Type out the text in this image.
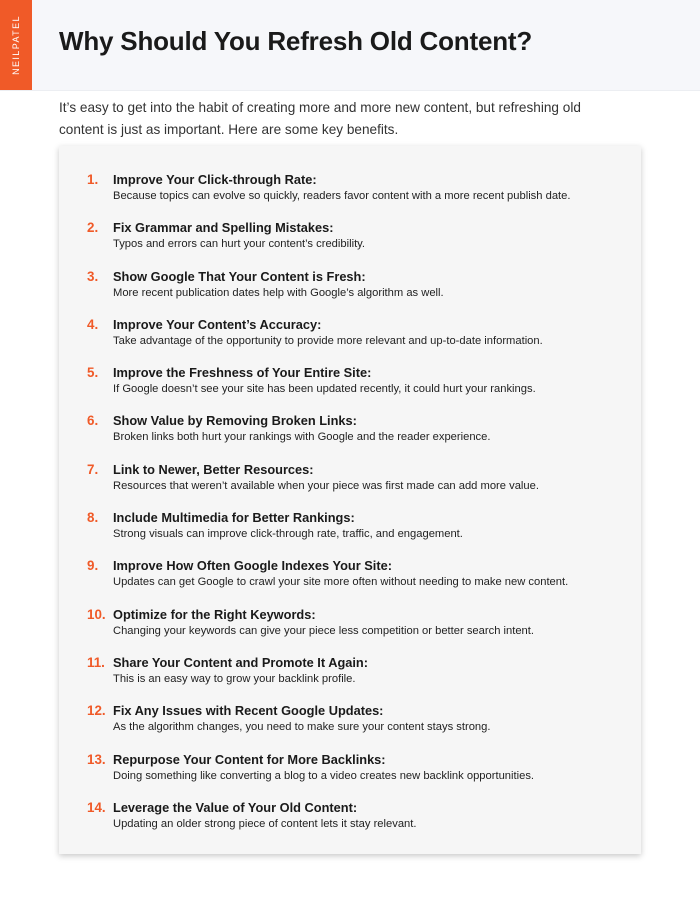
NEILPATEL Why Should You Refresh Old Content?

It’s easy to get into the habit of creating more and more new content, but refreshing old content is just as important. Here are some key benefits.

1.	Improve Your Click-through Rate:
Because topics can evolve so quickly, readers favor content with a more recent publish date.
2.	Fix Grammar and Spelling Mistakes:
Typos and errors can hurt your content’s credibility.
3.	Show Google That Your Content is Fresh:
More recent publication dates help with Google’s algorithm as well.
4.	Improve Your Content’s Accuracy:
Take advantage of the opportunity to provide more relevant and up-to-date information.
5.	Improve the Freshness of Your Entire Site:
If Google doesn’t see your site has been updated recently, it could hurt your rankings.
6.	Show Value by Removing Broken Links:
Broken links both hurt your rankings with Google and the reader experience.
7.	Link to Newer, Better Resources:
Resources that weren’t available when your piece was first made can add more value.
8.	Include Multimedia for Better Rankings:
Strong visuals can improve click-through rate, traffic, and engagement.
9.	Improve How Often Google Indexes Your Site:
Updates can get Google to crawl your site more often without needing to make new content.
10. Optimize for the Right Keywords:
Changing your keywords can give your piece less competition or better search intent.
11. Share Your Content and Promote It Again:
This is an easy way to grow your backlink profile.
12. Fix Any Issues with Recent Google Updates:
As the algorithm changes, you need to make sure your content stays strong.
13. Repurpose Your Content for More Backlinks:
Doing something like converting a blog to a video creates new backlink opportunities.
14. Leverage the Value of Your Old Content:
Updating an older strong piece of content lets it stay relevant.
